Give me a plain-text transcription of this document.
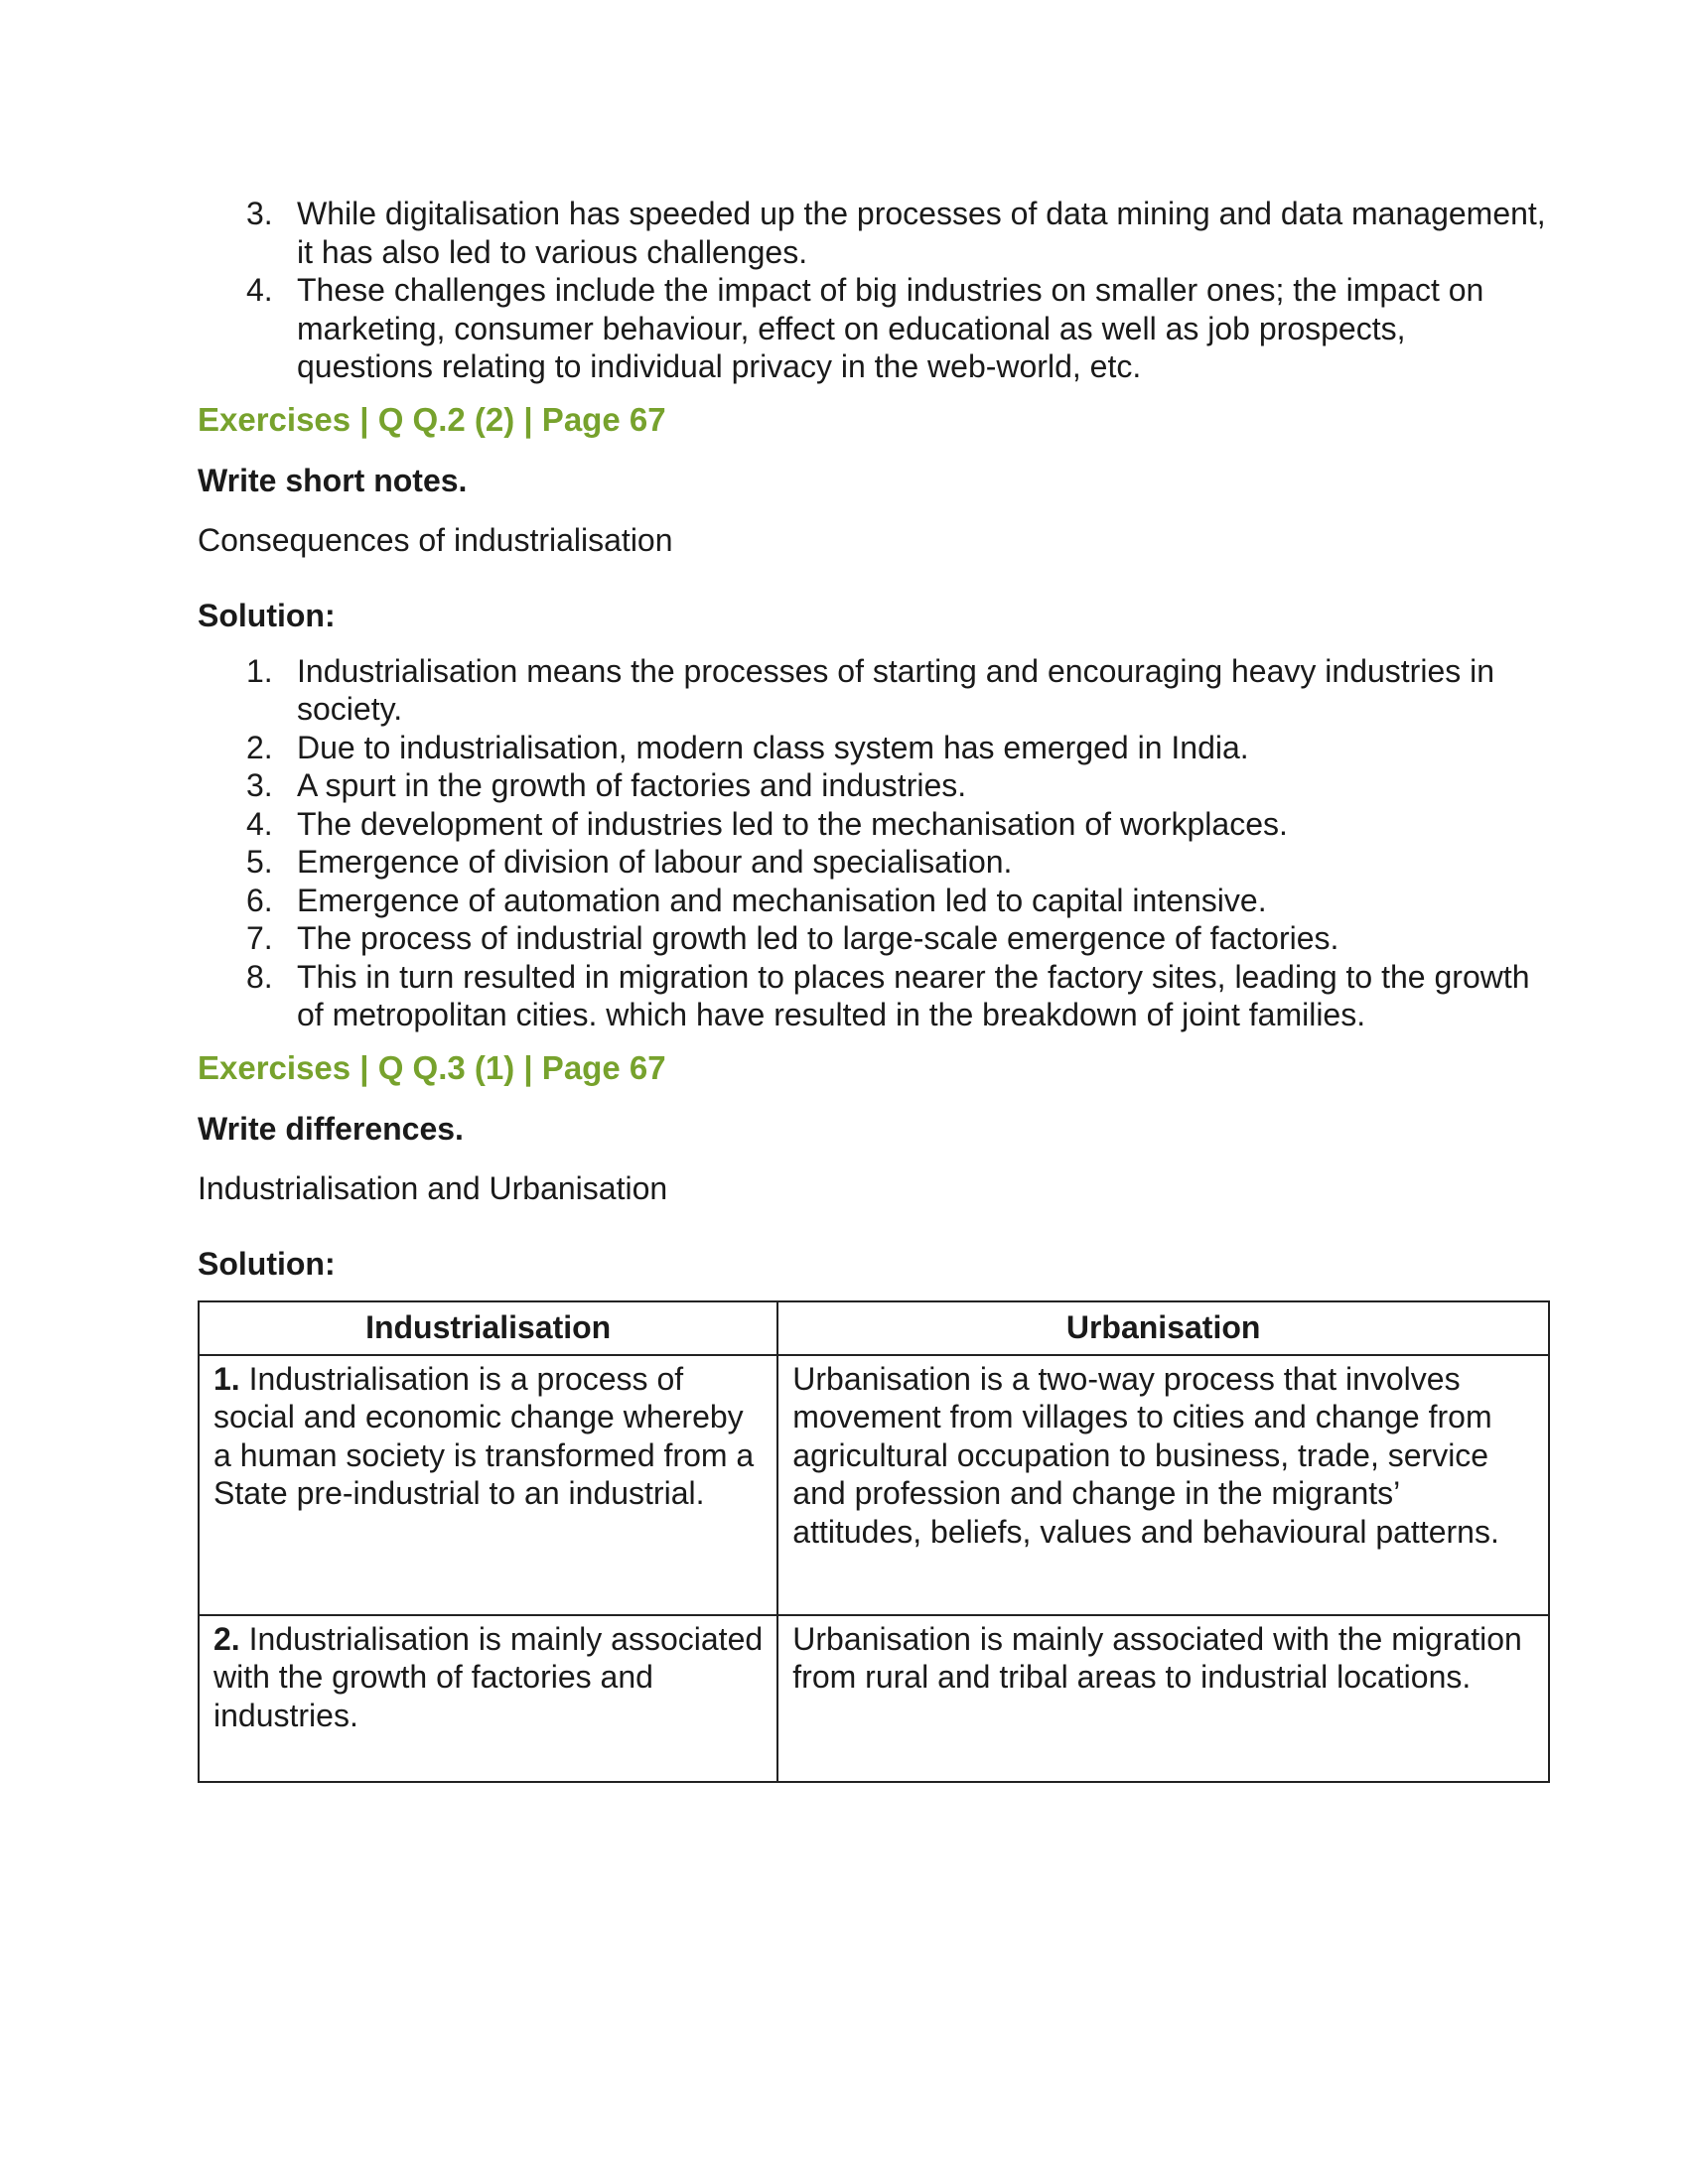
3. While digitalisation has speeded up the processes of data mining and data management, it has also led to various challenges.
4. These challenges include the impact of big industries on smaller ones; the impact on marketing, consumer behaviour, effect on educational as well as job prospects, questions relating to individual privacy in the web-world, etc.
Exercises | Q Q.2 (2) | Page 67
Write short notes.
Consequences of industrialisation
Solution:
1. Industrialisation means the processes of starting and encouraging heavy industries in society.
2. Due to industrialisation, modern class system has emerged in India.
3. A spurt in the growth of factories and industries.
4. The development of industries led to the mechanisation of workplaces.
5. Emergence of division of labour and specialisation.
6. Emergence of automation and mechanisation led to capital intensive.
7. The process of industrial growth led to large-scale emergence of factories.
8. This in turn resulted in migration to places nearer the factory sites, leading to the growth of metropolitan cities. which have resulted in the breakdown of joint families.
Exercises | Q Q.3 (1) | Page 67
Write differences.
Industrialisation and Urbanisation
Solution:
Industrialisation	Urbanisation
1. Industrialisation is a process of social and economic change whereby a human society is transformed from a State pre-industrial to an industrial.	Urbanisation is a two-way process that involves movement from villages to cities and change from agricultural occupation to business, trade, service and profession and change in the migrants’ attitudes, beliefs, values and behavioural patterns.
2. Industrialisation is mainly associated with the growth of factories and industries.	Urbanisation is mainly associated with the migration from rural and tribal areas to industrial locations.
